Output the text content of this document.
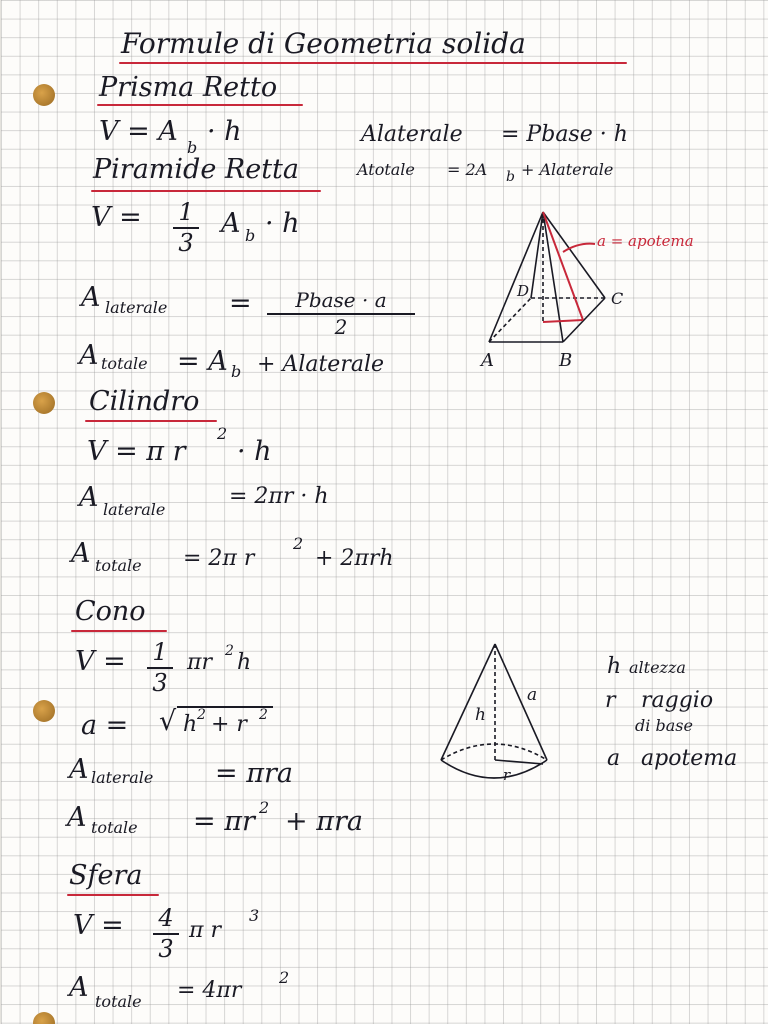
Formule di Geometria solida
Prisma Retto
V = A
b
· h	Alaterale = Pbase · h
Atotale = 2A b + Alaterale
Piramide Retta
V = 1
3
A b · h
A laterale =	Pbase · a
2
A totale = A b + Alaterale	A	B
C
D
a = apotema
Cilindro
V = π r
2
· h
A laterale
= 2πr · h
A totale = 2π r
2
+ 2πrh
Cono
V = 1
3
πr 2 h
a = √ h 2 + r 2
A laterale = πra
A totale = πr 2 + πra
h
a
r
h altezza
r raggio
di base
a apotema
Sfera
V = 4
3
π r
3
A totale = 4πr
2
